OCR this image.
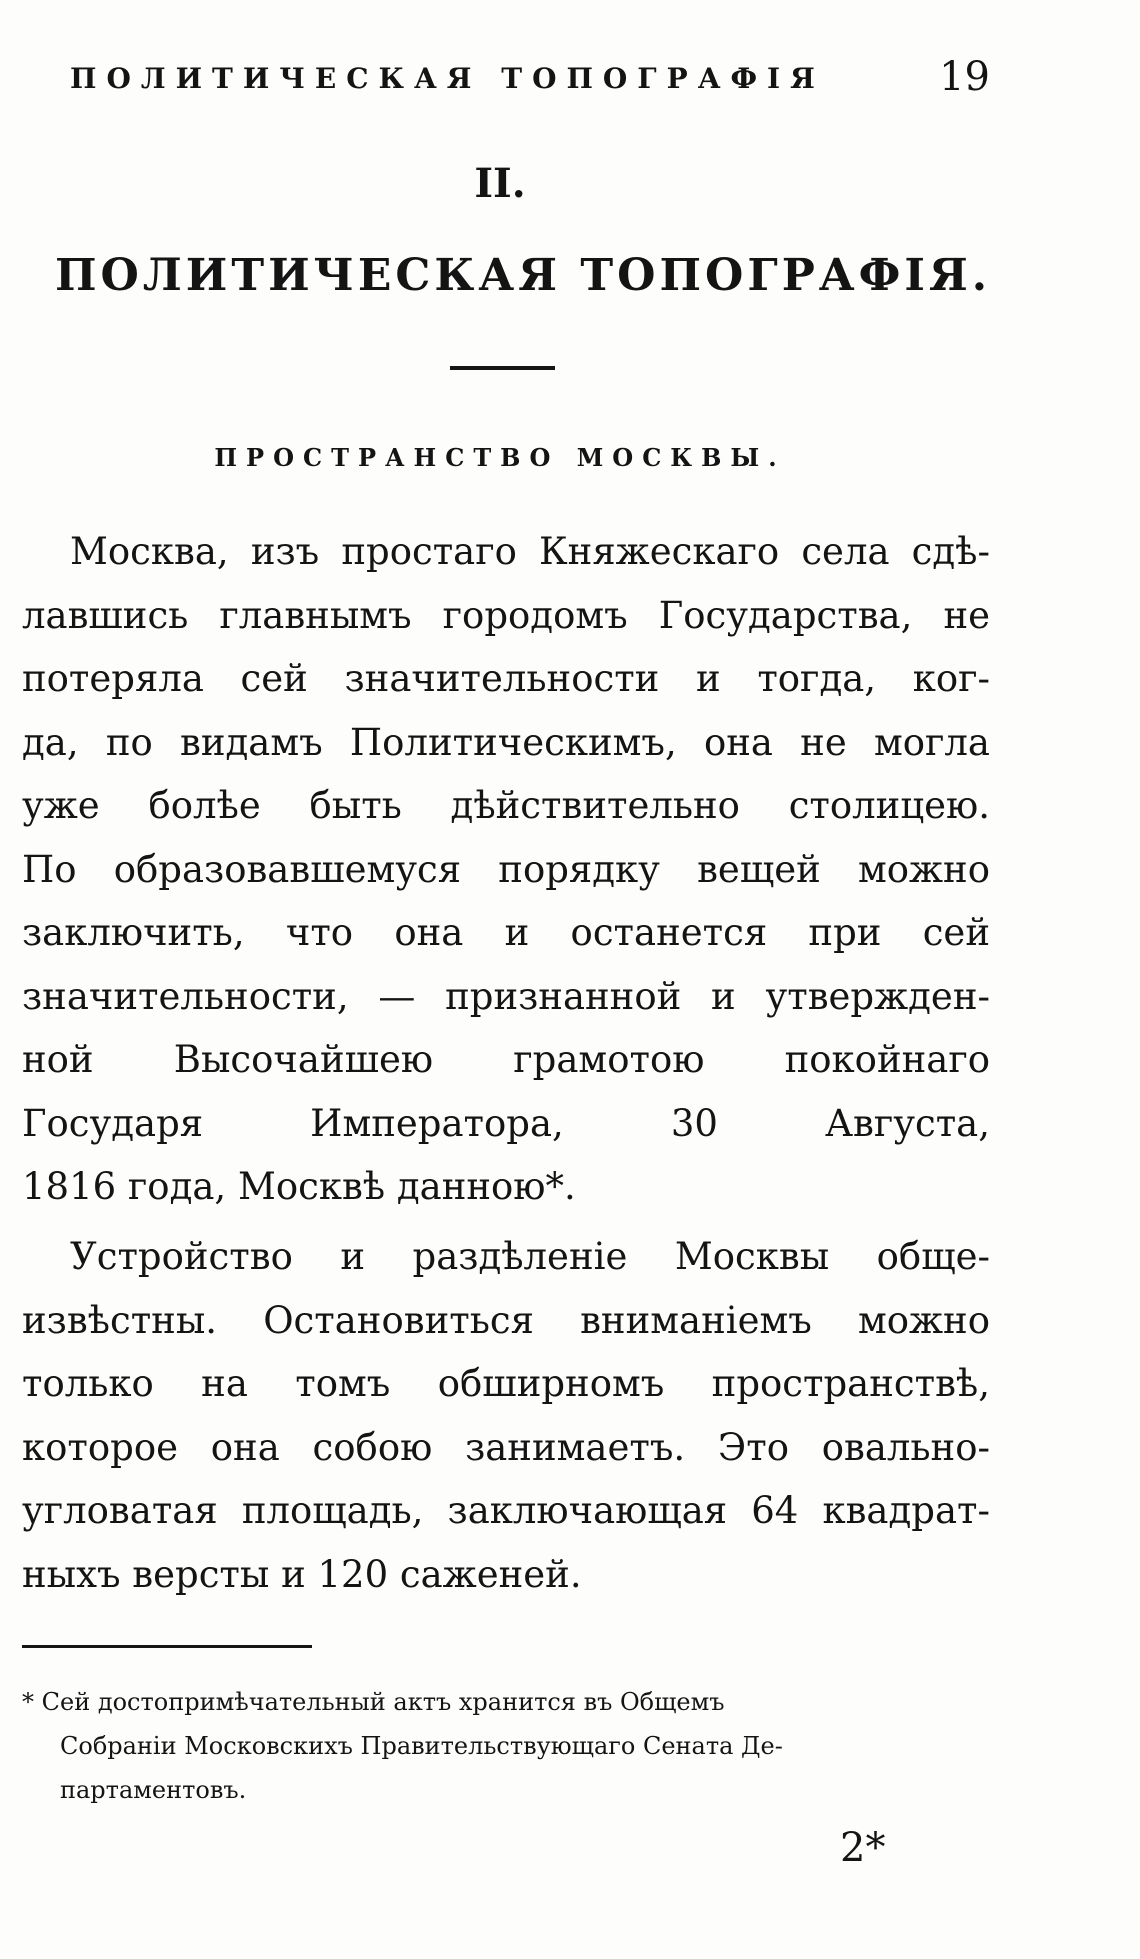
ПОЛИТИЧЕСКАЯ ТОПОГРАФІЯ	19
II.
ПОЛИТИЧЕСКАЯ ТОПОГРАФІЯ.
ПРОСТРАНСТВО МОСКВЫ.
Москва, изъ простаго Княжескаго села сдѣ-
лавшись главнымъ городомъ Государства, не
потеряла сей значительности и тогда, ког-
да, по видамъ Политическимъ, она не могла
уже болѣе быть дѣйствительно столицею.
По образовавшемуся порядку вещей можно
заключить, что она и останется при сей
значительности, — признанной и утвержден-
ной Высочайшею грамотою покойнаго
Государя Императора, 30 Августа,
1816 года, Москвѣ данною*.
Устройство и раздѣленіе Москвы обще-
извѣстны. Остановиться вниманіемъ можно
только на томъ обширномъ пространствѣ,
которое она собою занимаетъ. Это овально-
угловатая площадь, заключающая 64 квадрат-
ныхъ версты и 120 саженей.
* Сей достопримѣчательный актъ хранится въ Общемъ
Собраніи Московскихъ Правительствующаго Сената Де-
партаментовъ.
2*
